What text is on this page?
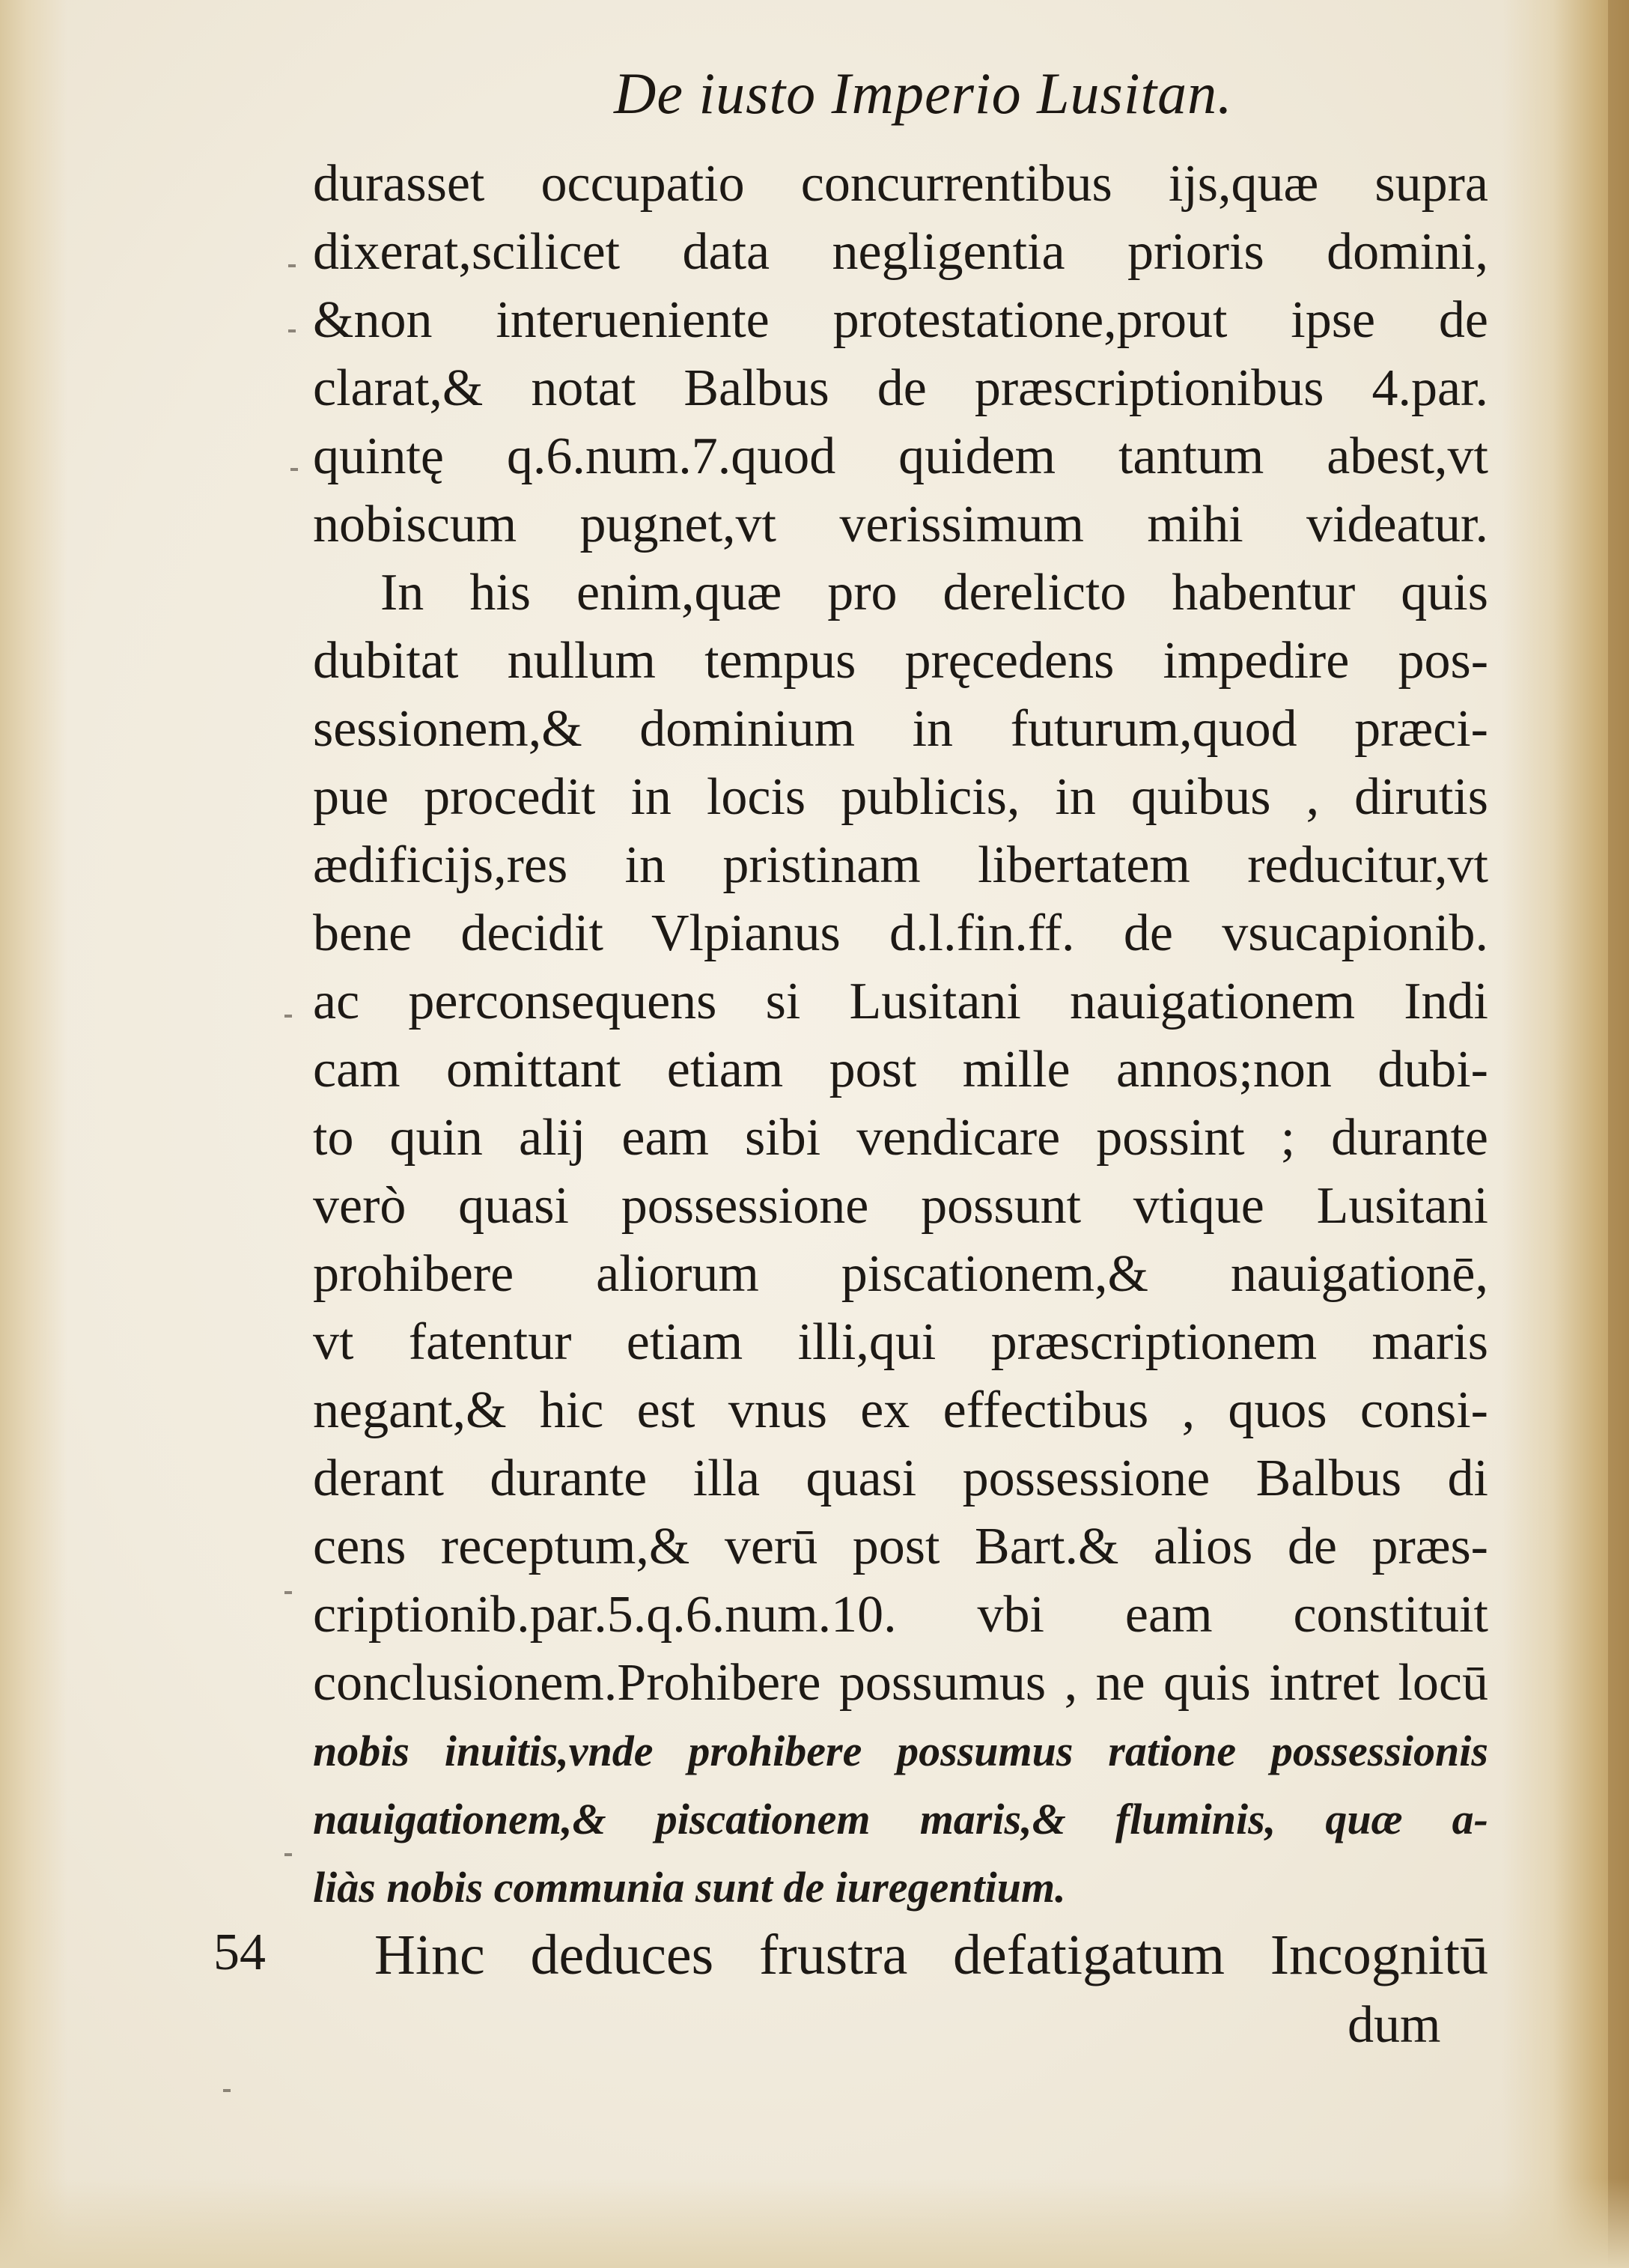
De iusto Imperio Lusitan.
durasset occupatio concurrentibus ijs,quæ supra
dixerat,scilicet data negligentia prioris domini,
&non interueniente protestatione,prout ipse de
clarat,& notat Balbus de præscriptionibus 4.par.
quintę q.6.num.7.quod quidem tantum abest,vt
nobiscum pugnet,vt verissimum mihi videatur.
In his enim,quæ pro derelicto habentur quis
dubitat nullum tempus pręcedens impedire pos-
sessionem,& dominium in futurum,quod præci-
pue procedit in locis publicis, in quibus , dirutis
ædificijs,res in pristinam libertatem reducitur,vt
bene decidit Vlpianus d.l.fin.ff. de vsucapionib.
ac perconsequens si Lusitani nauigationem Indi
cam omittant etiam post mille annos;non dubi-
to quin alij eam sibi vendicare possint ; durante
verò quasi possessione possunt vtique Lusitani
prohibere aliorum piscationem,& nauigationē,
vt fatentur etiam illi,qui præscriptionem maris
negant,& hic est vnus ex effectibus , quos consi-
derant durante illa quasi possessione Balbus di
cens receptum,& verū post Bart.& alios de præs-
criptionib.par.5.q.6.num.10. vbi eam constituit
conclusionem.Prohibere possumus , ne quis intret locū
nobis inuitis,vnde prohibere possumus ratione possessionis
nauigationem,& piscationem maris,& fluminis, quæ a-
liàs nobis communia sunt de iuregentium.
54 Hinc deduces frustra defatigatum Incognitū
dum
